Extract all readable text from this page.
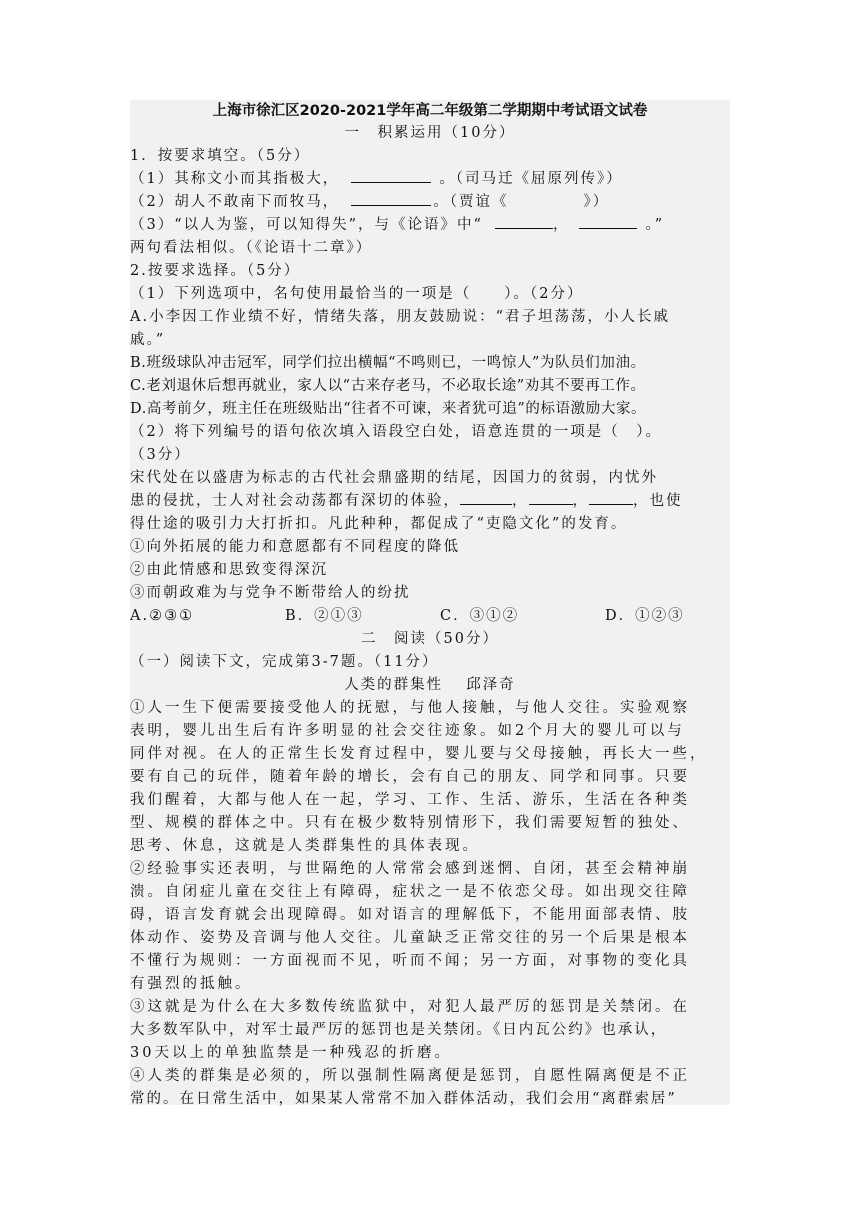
上海市徐汇区2020-2021学年高二年级第二学期期中考试语文试卷
一　积累运用（10分）
1．按要求填空。（5分）
（1）其称文小而其指极大，	。（司马迁《屈原列传》）
（2）胡人不敢南下而牧马，	。（贾谊《	》）
（3）“以人为鉴，可以知得失”，与《论语》中“	，	。”
两句看法相似。（《论语十二章》）
2.按要求选择。（5分）
（1）下列选项中，名句使用最恰当的一项是（　　）。（2分）
A.小李因工作业绩不好，情绪失落，朋友鼓励说：“君子坦荡荡，小人长戚
戚。”
B.班级球队冲击冠军，同学们拉出横幅“不鸣则已，一鸣惊人”为队员们加油。
C.老刘退休后想再就业，家人以“古来存老马，不必取长途”劝其不要再工作。
D.高考前夕，班主任在班级贴出“往者不可谏，来者犹可追”的标语激励大家。
（2）将下列编号的语句依次填入语段空白处，语意连贯的一项是（　）。
（3分）
宋代处在以盛唐为标志的古代社会鼎盛期的结尾，因国力的贫弱，内忧外
患的侵扰，士人对社会动荡都有深切的体验，	，	，	，也使
得仕途的吸引力大打折扣。凡此种种，都促成了“吏隐文化”的发育。
①向外拓展的能力和意愿都有不同程度的降低
②由此情感和思致变得深沉
③而朝政难为与党争不断带给人的纷扰
A.②③①	B．②①③	C．③①②	D．①②③
二　阅读（50分）
（一）阅读下文，完成第3-7题。（11分）
人类的群集性　 邱泽奇
①人一生下便需要接受他人的抚慰，与他人接触，与他人交往。实验观察
表明，婴儿出生后有许多明显的社会交往迹象。如2个月大的婴儿可以与
同伴对视。在人的正常生长发育过程中，婴儿要与父母接触，再长大一些，
要有自己的玩伴，随着年龄的增长，会有自己的朋友、同学和同事。只要
我们醒着，大都与他人在一起，学习、工作、生活、游乐，生活在各种类
型、规模的群体之中。只有在极少数特别情形下，我们需要短暂的独处、
思考、休息，这就是人类群集性的具体表现。
②经验事实还表明，与世隔绝的人常常会感到迷惘、自闭，甚至会精神崩
溃。自闭症儿童在交往上有障碍，症状之一是不依恋父母。如出现交往障
碍，语言发育就会出现障碍。如对语言的理解低下，不能用面部表情、肢
体动作、姿势及音调与他人交往。儿童缺乏正常交往的另一个后果是根本
不懂行为规则：一方面视而不见，听而不闻；另一方面，对事物的变化具
有强烈的抵触。
③这就是为什么在大多数传统监狱中，对犯人最严厉的惩罚是关禁闭。在
大多数军队中，对军士最严厉的惩罚也是关禁闭。《日内瓦公约》也承认，
30天以上的单独监禁是一种残忍的折磨。
④人类的群集是必须的，所以强制性隔离便是惩罚，自愿性隔离便是不正
常的。在日常生活中，如果某人常常不加入群体活动，我们会用“离群索居”
